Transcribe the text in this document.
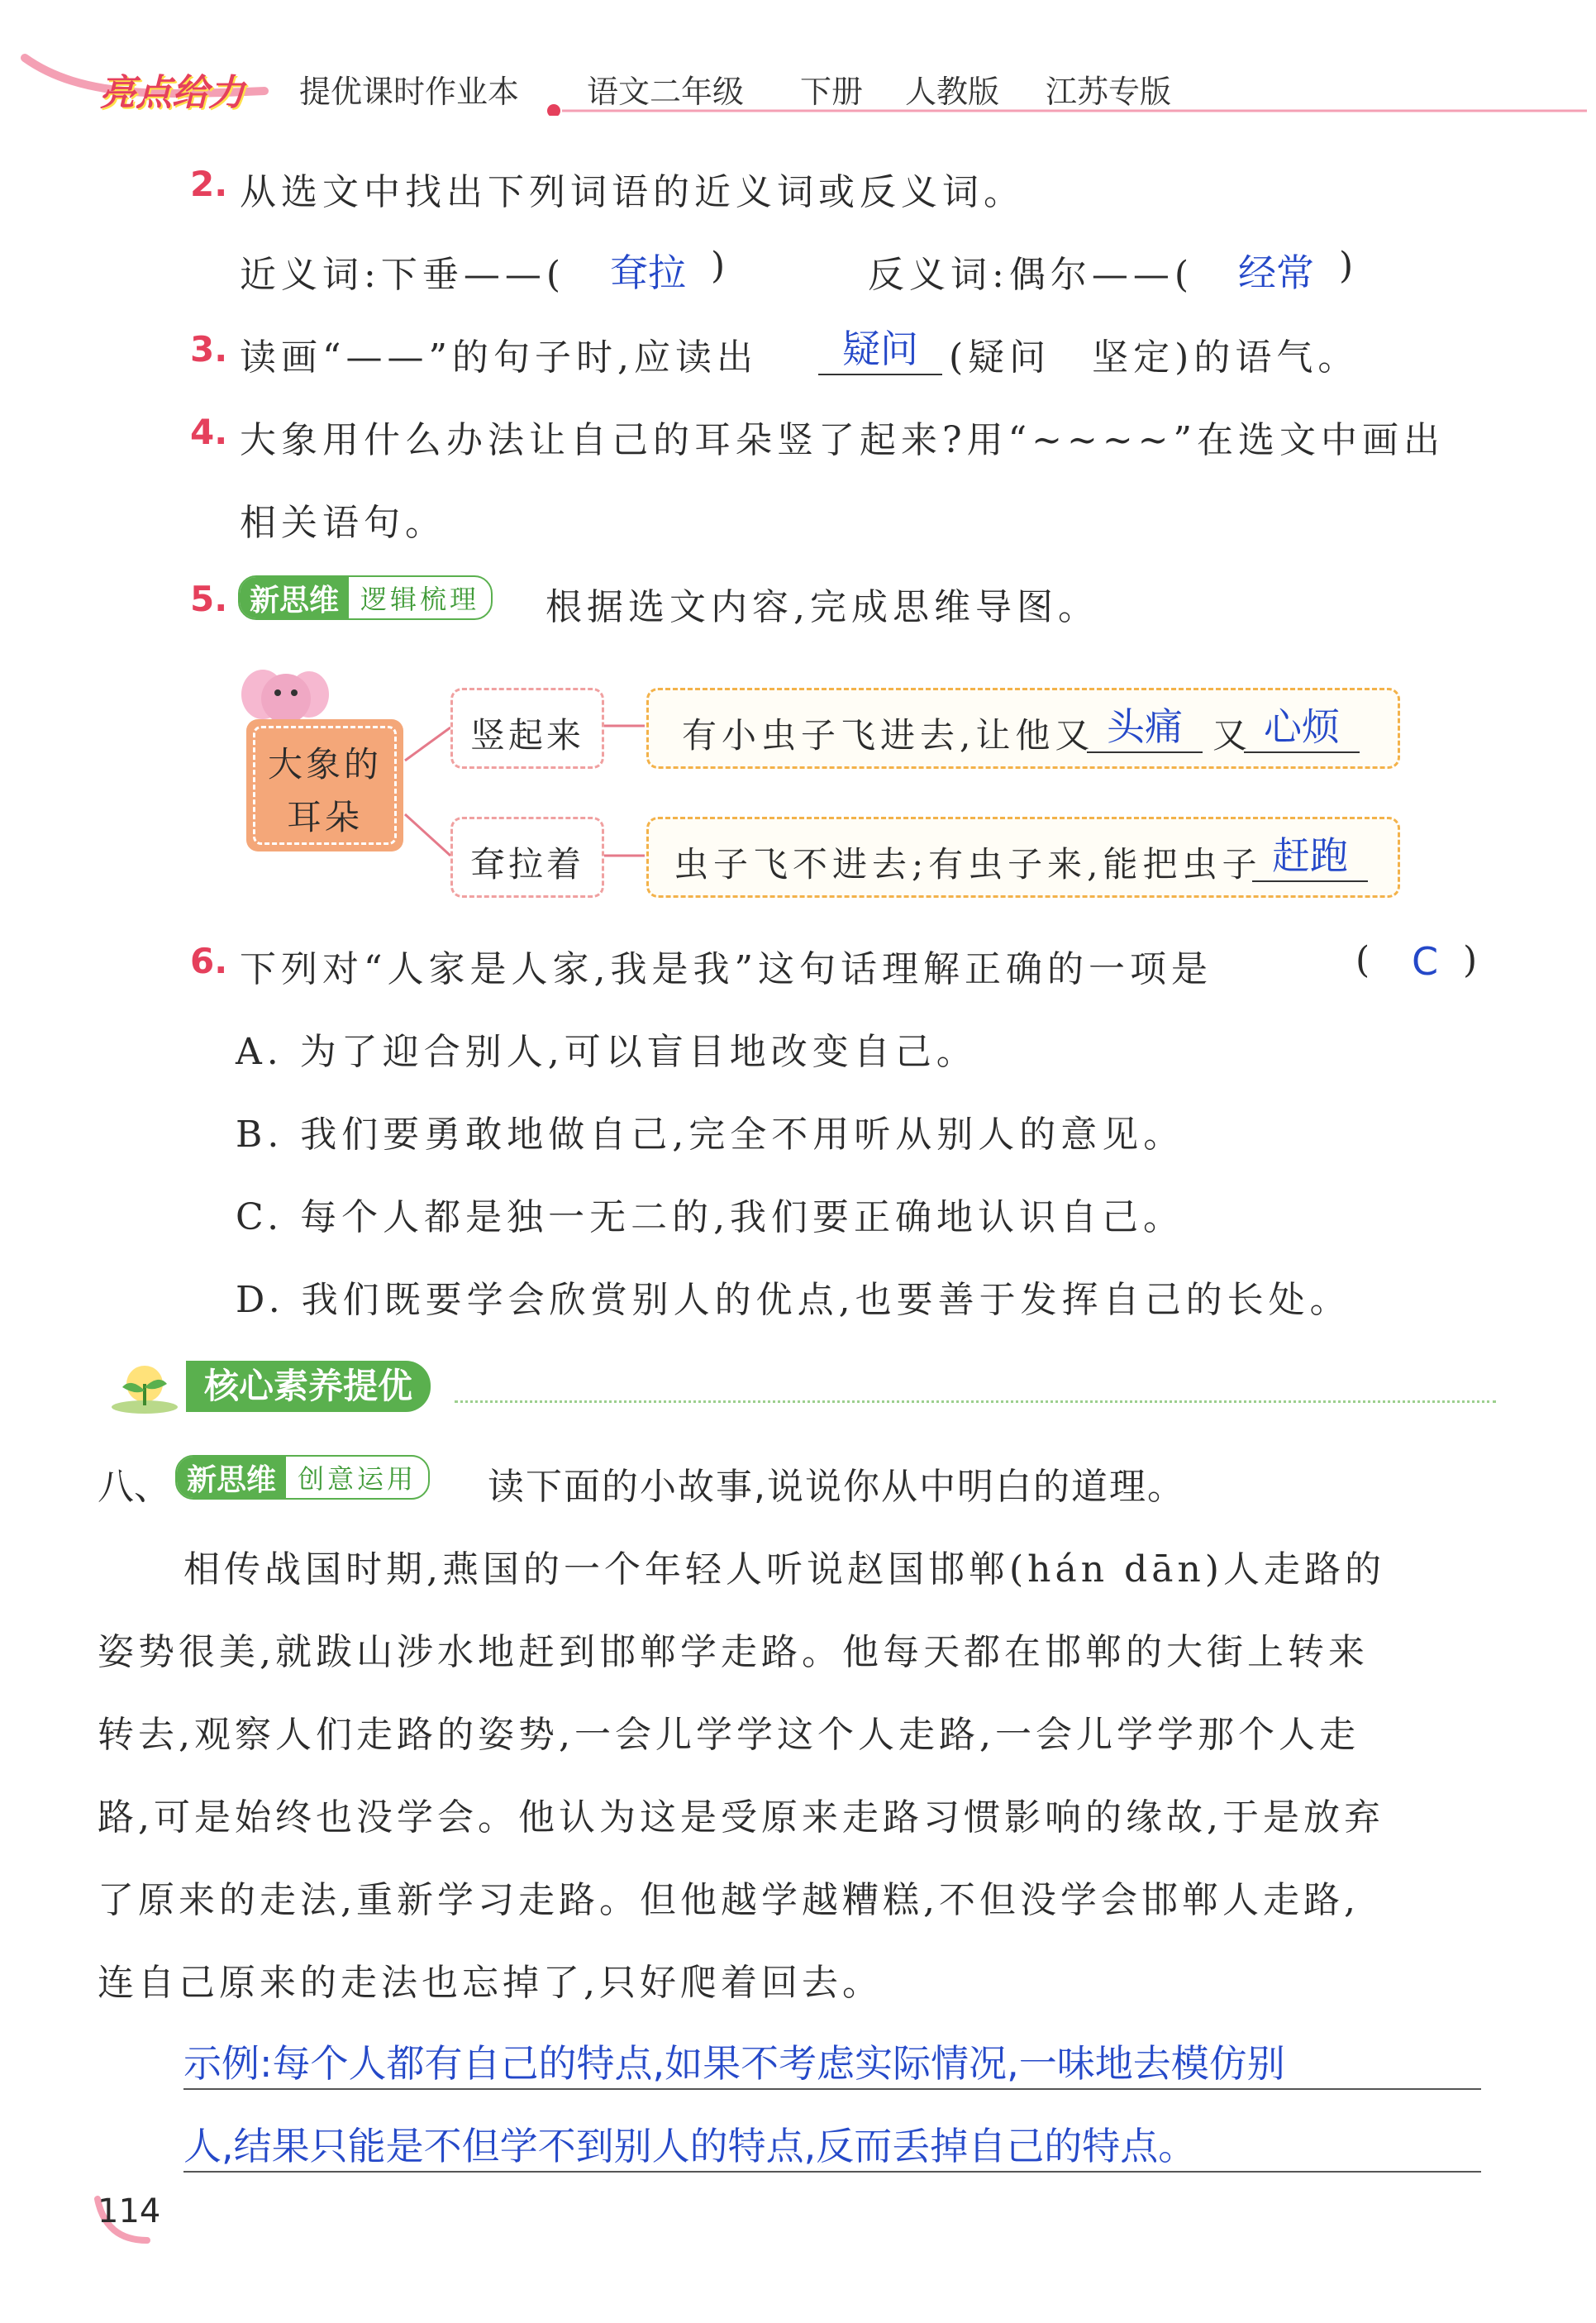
亮点给力 提优课时作业本 语文二年级 下册 人教版 江苏专版
2. 从选文中找出下列词语的近义词或反义词。
近义词:下垂——( 耷拉 )	反义词:偶尔——( 经常 )
3. 读画“——”的句子时,应读出	疑问 (疑问　坚定)的语气。
4. 大象用什么办法让自己的耳朵竖了起来?用“~~~~”在选文中画出
相关语句。
5. 新思维 逻辑梳理	根据选文内容,完成思维导图。
大象的
耳朵
竖起来	有小虫子飞进去,让他又 头痛 又 心烦
耷拉着	虫子飞不进去;有虫子来,能把虫子 赶跑
6. 下列对“人家是人家,我是我”这句话理解正确的一项是	( C )
A. 为了迎合别人,可以盲目地改变自己。
B. 我们要勇敢地做自己,完全不用听从别人的意见。
C. 每个人都是独一无二的,我们要正确地认识自己。
D. 我们既要学会欣赏别人的优点,也要善于发挥自己的长处。
核心素养提优
八、 新思维 创意运用	读下面的小故事,说说你从中明白的道理。
相传战国时期,燕国的一个年轻人听说赵国邯郸(hán dān)人走路的
姿势很美,就跋山涉水地赶到邯郸学走路。他每天都在邯郸的大街上转来
转去,观察人们走路的姿势,一会儿学学这个人走路,一会儿学学那个人走
路,可是始终也没学会。他认为这是受原来走路习惯影响的缘故,于是放弃
了原来的走法,重新学习走路。但他越学越糟糕,不但没学会邯郸人走路,
连自己原来的走法也忘掉了,只好爬着回去。
示例:每个人都有自己的特点,如果不考虑实际情况,一味地去模仿别
人,结果只能是不但学不到别人的特点,反而丢掉自己的特点。
114
